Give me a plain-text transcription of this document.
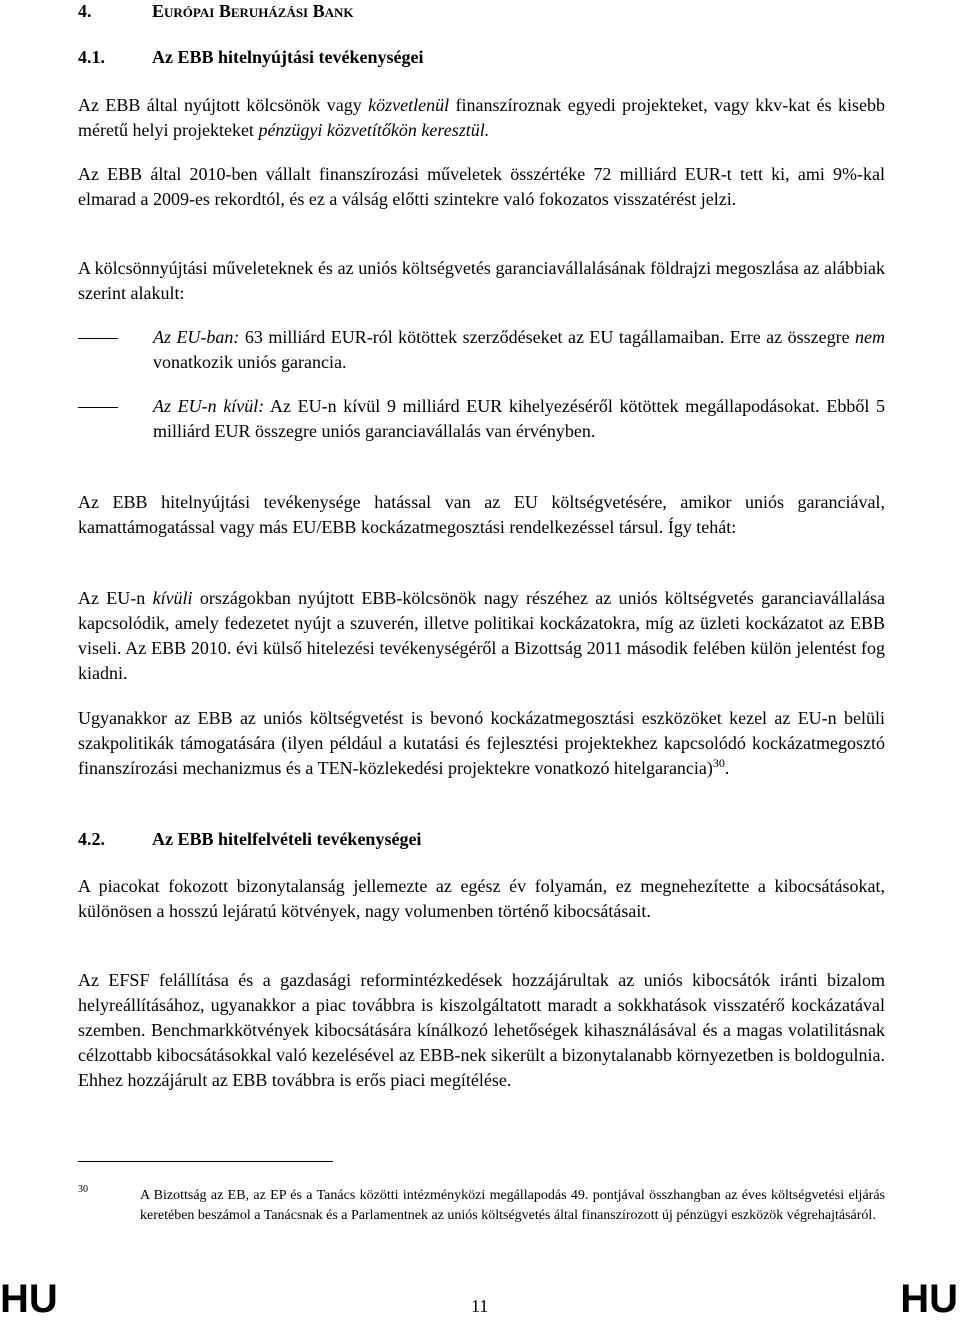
4.	Európai Beruházási Bank
4.1.	Az EBB hitelnyújtási tevékenységei
Az EBB által nyújtott kölcsönök vagy közvetlenül finanszíroznak egyedi projekteket, vagy kkv-kat és kisebb méretű helyi projekteket pénzügyi közvetítőkön keresztül.
Az EBB által 2010-ben vállalt finanszírozási műveletek összértéke 72 milliárd EUR-t tett ki, ami 9%-kal elmarad a 2009-es rekordtól, és ez a válság előtti szintekre való fokozatos visszatérést jelzi.
A kölcsönnyújtási műveleteknek és az uniós költségvetés garanciavállalásának földrajzi megoszlása az alábbiak szerint alakult:
Az EU-ban: 63 milliárd EUR-ról kötöttek szerződéseket az EU tagállamaiban. Erre az összegre nem vonatkozik uniós garancia.
Az EU-n kívül: Az EU-n kívül 9 milliárd EUR kihelyezéséről kötöttek megállapodásokat. Ebből 5 milliárd EUR összegre uniós garanciavállalás van érvényben.
Az EBB hitelnyújtási tevékenysége hatással van az EU költségvetésére, amikor uniós garanciával, kamattámogatással vagy más EU/EBB kockázatmegosztási rendelkezéssel társul. Így tehát:
Az EU-n kívüli országokban nyújtott EBB-kölcsönök nagy részéhez az uniós költségvetés garanciavállalása kapcsolódik, amely fedezetet nyújt a szuverén, illetve politikai kockázatokra, míg az üzleti kockázatot az EBB viseli. Az EBB 2010. évi külső hitelezési tevékenységéről a Bizottság 2011 második felében külön jelentést fog kiadni.
Ugyanakkor az EBB az uniós költségvetést is bevonó kockázatmegosztási eszközöket kezel az EU-n belüli szakpolitikák támogatására (ilyen például a kutatási és fejlesztési projektekhez kapcsolódó kockázatmegosztó finanszírozási mechanizmus és a TEN-közlekedési projektekre vonatkozó hitelgarancia)$^{30}$.
4.2.	Az EBB hitelfelvételi tevékenységei
A piacokat fokozott bizonytalanság jellemezte az egész év folyamán, ez megnehezítette a kibocsátásokat, különösen a hosszú lejáratú kötvények, nagy volumenben történő kibocsátásait.
Az EFSF felállítása és a gazdasági reformintézkedések hozzájárultak az uniós kibocsátók iránti bizalom helyreállításához, ugyanakkor a piac továbbra is kiszolgáltatott maradt a sokkhatások visszatérő kockázatával szemben. Benchmarkkötvények kibocsátására kínálkozó lehetőségek kihasználásával és a magas volatilitásnak célzottabb kibocsátásokkal való kezelésével az EBB-nek sikerült a bizonytalanabb környezetben is boldogulnia. Ehhez hozzájárult az EBB továbbra is erős piaci megítélése.
30	A Bizottság az EB, az EP és a Tanács közötti intézményközi megállapodás 49. pontjával összhangban az éves költségvetési eljárás keretében beszámol a Tanácsnak és a Parlamentnek az uniós költségvetés által finanszírozott új pénzügyi eszközök végrehajtásáról.
HU	11	HU
